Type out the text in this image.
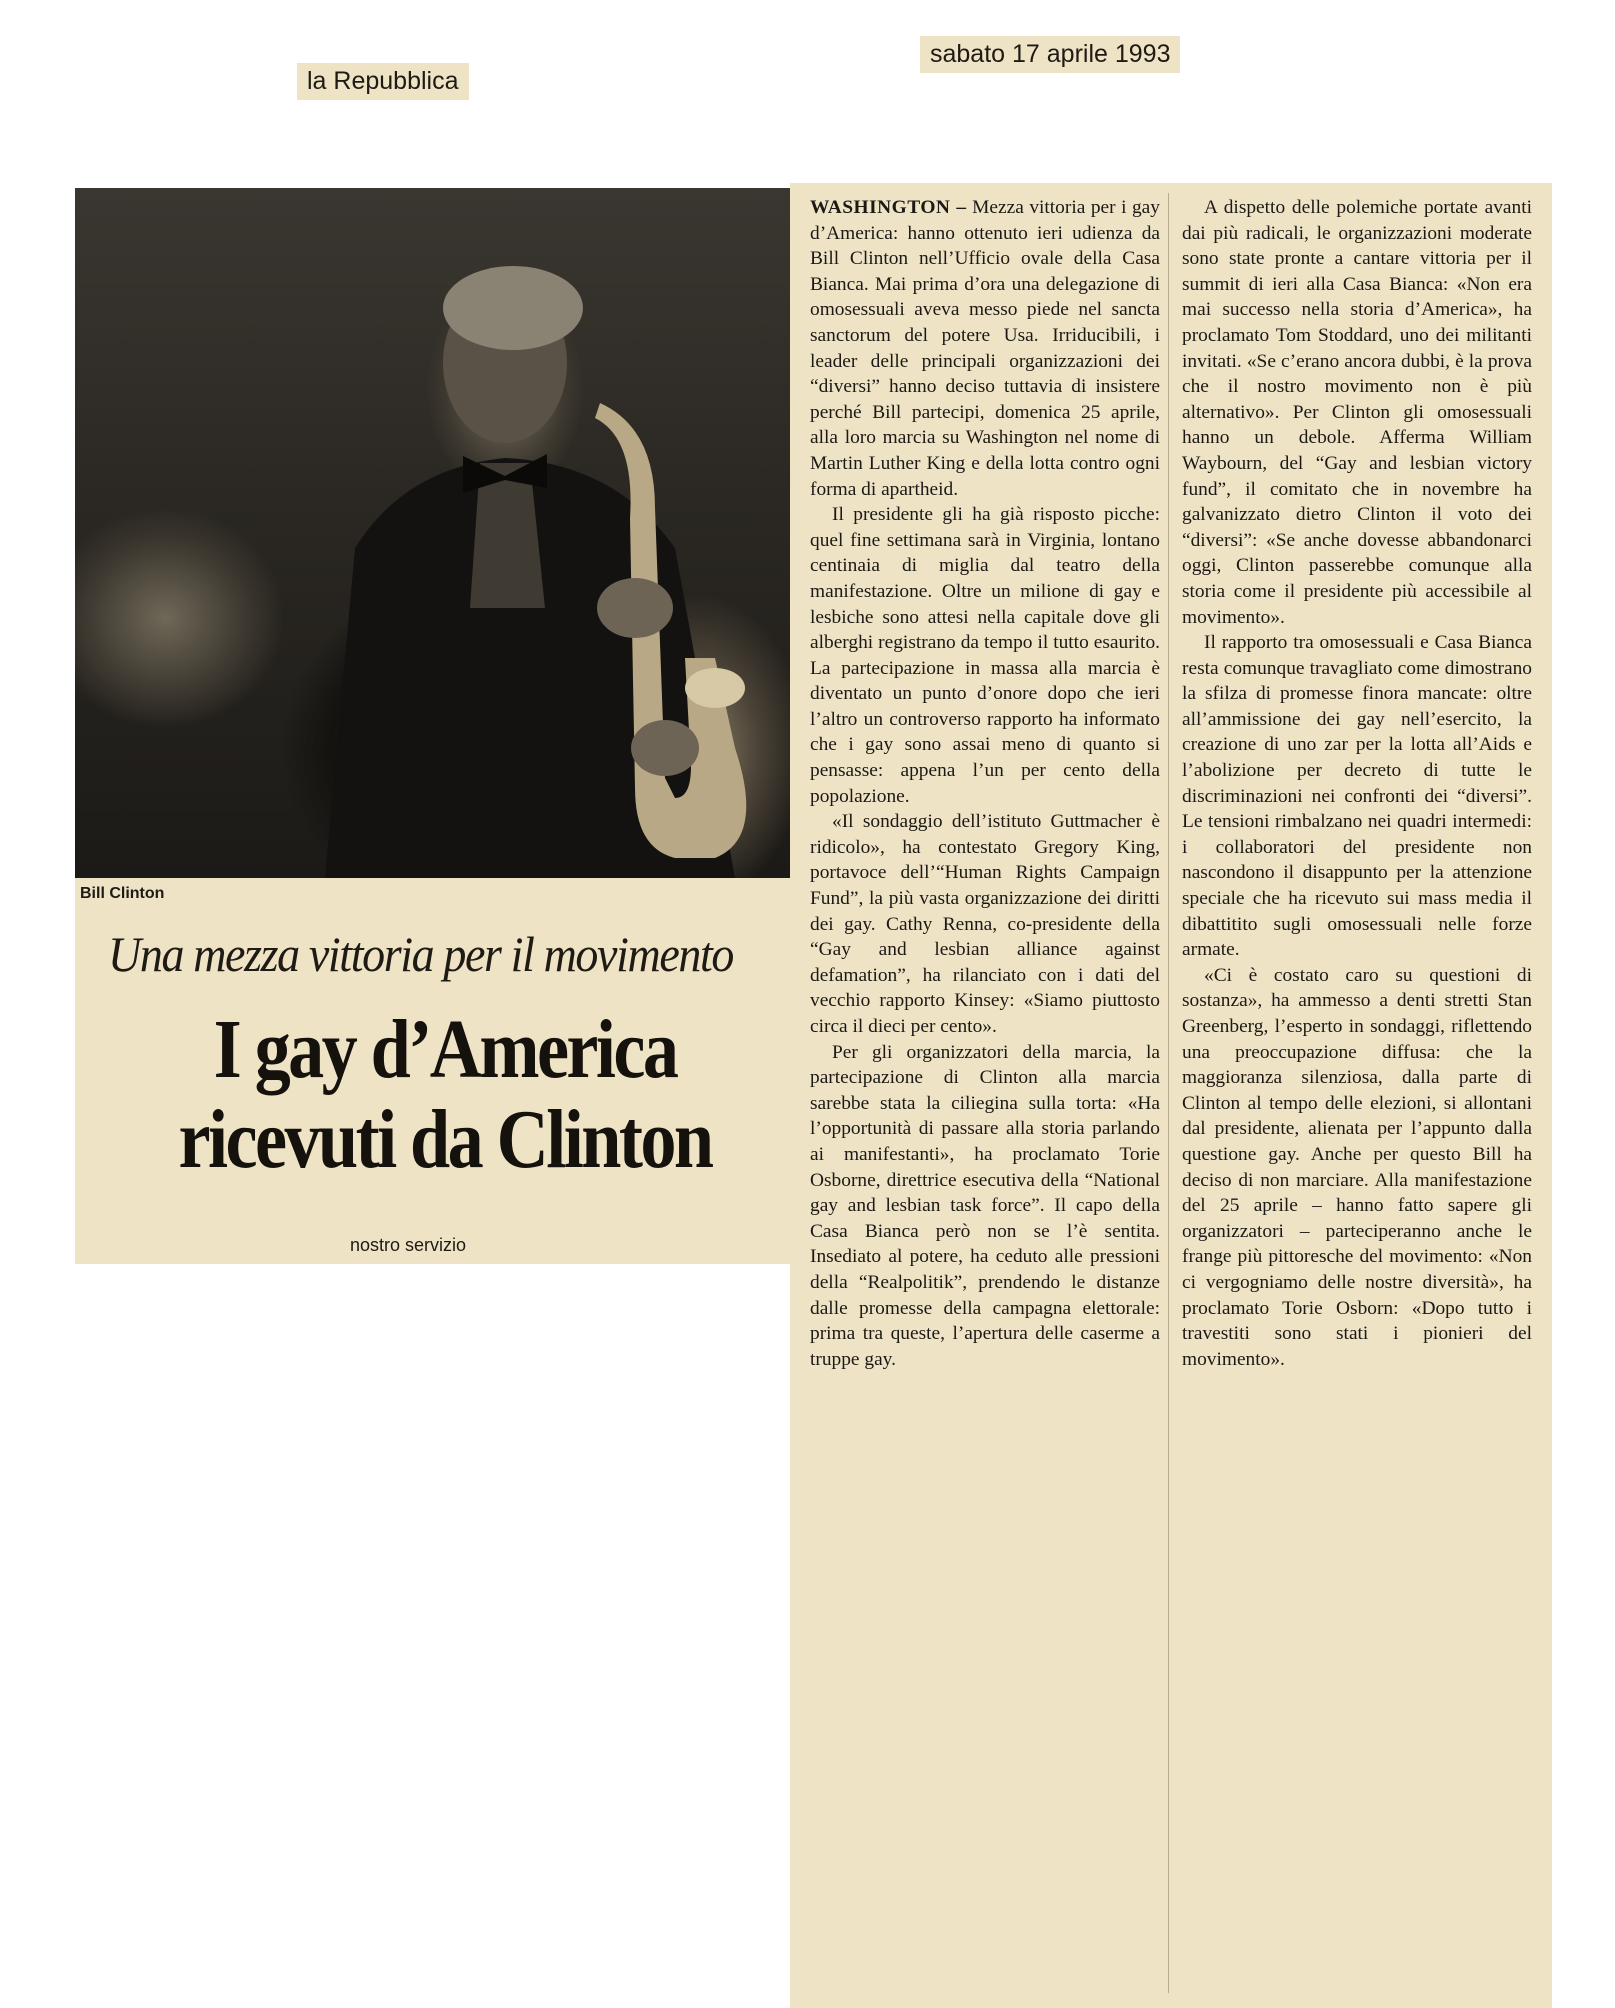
la Repubblica
sabato 17 aprile 1993
Bill Clinton
Una mezza vittoria per il movimento
I gay d’America
ricevuti da Clinton
nostro servizio

WASHINGTON – Mezza vittoria per i gay d’America: hanno ottenuto ieri udienza da Bill Clinton nell’Ufficio ovale della Casa Bianca. Mai prima d’ora una delegazione di omosessuali aveva messo piede nel sancta sanctorum del potere Usa. Irriducibili, i leader delle principali organizzazioni dei “diversi” hanno deciso tuttavia di insistere perché Bill partecipi, domenica 25 aprile, alla loro marcia su Washington nel nome di Martin Luther King e della lotta contro ogni forma di apartheid.

Il presidente gli ha già risposto picche: quel fine settimana sarà in Virginia, lontano centinaia di miglia dal teatro della manifestazione. Oltre un milione di gay e lesbiche sono attesi nella capitale dove gli alberghi registrano da tempo il tutto esaurito. La partecipazione in massa alla marcia è diventato un punto d’onore dopo che ieri l’altro un controverso rapporto ha informato che i gay sono assai meno di quanto si pensasse: appena l’un per cento della popolazione.

«Il sondaggio dell’istituto Guttmacher è ridicolo», ha contestato Gregory King, portavoce dell’“Human Rights Campaign Fund”, la più vasta organizzazione dei diritti dei gay. Cathy Renna, co-presidente della “Gay and lesbian alliance against defamation”, ha rilanciato con i dati del vecchio rapporto Kinsey: «Siamo piuttosto circa il dieci per cento».

Per gli organizzatori della marcia, la partecipazione di Clinton alla marcia sarebbe stata la ciliegina sulla torta: «Ha l’opportunità di passare alla storia parlando ai manifestanti», ha proclamato Torie Osborne, direttrice esecutiva della “National gay and lesbian task force”. Il capo della Casa Bianca però non se l’è sentita. Insediato al potere, ha ceduto alle pressioni della “Realpolitik”, prendendo le distanze dalle promesse della campagna elettorale: prima tra queste, l’apertura delle caserme a truppe gay.

A dispetto delle polemiche portate avanti dai più radicali, le organizzazioni moderate sono state pronte a cantare vittoria per il summit di ieri alla Casa Bianca: «Non era mai successo nella storia d’America», ha proclamato Tom Stoddard, uno dei militanti invitati. «Se c’erano ancora dubbi, è la prova che il nostro movimento non è più alternativo». Per Clinton gli omosessuali hanno un debole. Afferma William Waybourn, del “Gay and lesbian victory fund”, il comitato che in novembre ha galvanizzato dietro Clinton il voto dei “diversi”: «Se anche dovesse abbandonarci oggi, Clinton passerebbe comunque alla storia come il presidente più accessibile al movimento».

Il rapporto tra omosessuali e Casa Bianca resta comunque travagliato come dimostrano la sfilza di promesse finora mancate: oltre all’ammissione dei gay nell’esercito, la creazione di uno zar per la lotta all’Aids e l’abolizione per decreto di tutte le discriminazioni nei confronti dei “diversi”. Le tensioni rimbalzano nei quadri intermedi: i collaboratori del presidente non nascondono il disappunto per la attenzione speciale che ha ricevuto sui mass media il dibattitito sugli omosessuali nelle forze armate.

«Ci è costato caro su questioni di sostanza», ha ammesso a denti stretti Stan Greenberg, l’esperto in sondaggi, riflettendo una preoccupazione diffusa: che la maggioranza silenziosa, dalla parte di Clinton al tempo delle elezioni, si allontani dal presidente, alienata per l’appunto dalla questione gay. Anche per questo Bill ha deciso di non marciare. Alla manifestazione del 25 aprile – hanno fatto sapere gli organizzatori – parteciperanno anche le frange più pittoresche del movimento: «Non ci vergogniamo delle nostre diversità», ha proclamato Torie Osborn: «Dopo tutto i travestiti sono stati i pionieri del movimento».
